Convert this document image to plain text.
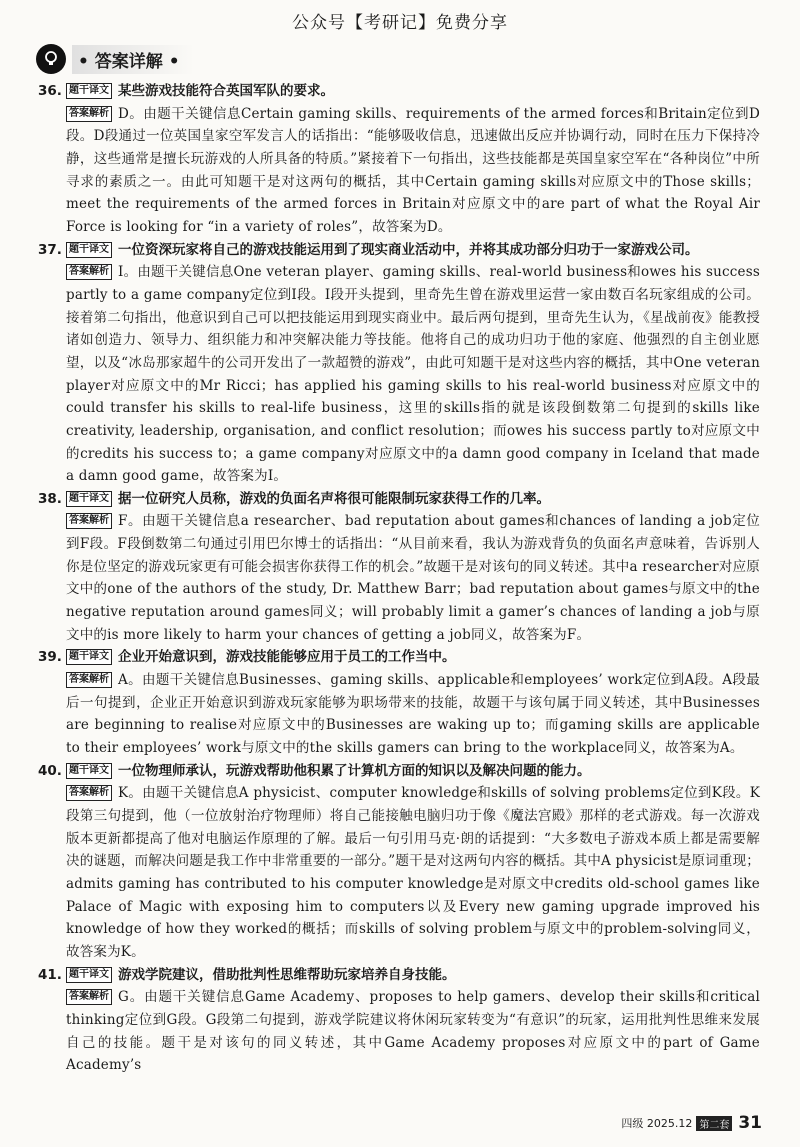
公众号【考研记】免费分享
• 答案详解 •
36. 题干译文 某些游戏技能符合英国军队的要求。
答案解析 D。由题干关键信息Certain gaming skills、requirements of the armed forces和Britain定位到D段。D段通过一位英国皇家空军发言人的话指出：“能够吸收信息，迅速做出反应并协调行动，同时在压力下保持冷静，这些通常是擅长玩游戏的人所具备的特质。”紧接着下一句指出，这些技能都是英国皇家空军在“各种岗位”中所寻求的素质之一。由此可知题干是对这两句的概括，其中Certain gaming skills对应原文中的Those skills；meet the requirements of the armed forces in Britain对应原文中的are part of what the Royal Air Force is looking for “in a variety of roles”，故答案为D。
37. 题干译文 一位资深玩家将自己的游戏技能运用到了现实商业活动中，并将其成功部分归功于一家游戏公司。
答案解析 I。由题干关键信息One veteran player、gaming skills、real-world business和owes his success partly to a game company定位到I段。I段开头提到，里奇先生曾在游戏里运营一家由数百名玩家组成的公司。接着第二句指出，他意识到自己可以把技能运用到现实商业中。最后两句提到，里奇先生认为，《星战前夜》能教授诸如创造力、领导力、组织能力和冲突解决能力等技能。他将自己的成功归功于他的家庭、他强烈的自主创业愿望，以及“冰岛那家超牛的公司开发出了一款超赞的游戏”，由此可知题干是对这些内容的概括，其中One veteran player对应原文中的Mr Ricci；has applied his gaming skills to his real-world business对应原文中的could transfer his skills to real-life business，这里的skills指的就是该段倒数第二句提到的skills like creativity, leadership, organisation, and conflict resolution；而owes his success partly to对应原文中的credits his success to；a game company对应原文中的a damn good company in Iceland that made a damn good game，故答案为I。
38. 题干译文 据一位研究人员称，游戏的负面名声将很可能限制玩家获得工作的几率。
答案解析 F。由题干关键信息a researcher、bad reputation about games和chances of landing a job定位到F段。F段倒数第二句通过引用巴尔博士的话指出：“从目前来看，我认为游戏背负的负面名声意味着，告诉别人你是位坚定的游戏玩家更有可能会损害你获得工作的机会。”故题干是对该句的同义转述。其中a researcher对应原文中的one of the authors of the study, Dr. Matthew Barr；bad reputation about games与原文中的the negative reputation around games同义；will probably limit a gamer’s chances of landing a job与原文中的is more likely to harm your chances of getting a job同义，故答案为F。
39. 题干译文 企业开始意识到，游戏技能能够应用于员工的工作当中。
答案解析 A。由题干关键信息Businesses、gaming skills、applicable和employees’ work定位到A段。A段最后一句提到，企业正开始意识到游戏玩家能够为职场带来的技能，故题干与该句属于同义转述，其中Businesses are beginning to realise对应原文中的Businesses are waking up to；而gaming skills are applicable to their employees’ work与原文中的the skills gamers can bring to the workplace同义，故答案为A。
40. 题干译文 一位物理师承认，玩游戏帮助他积累了计算机方面的知识以及解决问题的能力。
答案解析 K。由题干关键信息A physicist、computer knowledge和skills of solving problems定位到K段。K段第三句提到，他（一位放射治疗物理师）将自己能接触电脑归功于像《魔法宫殿》那样的老式游戏。每一次游戏版本更新都提高了他对电脑运作原理的了解。最后一句引用马克·朗的话提到：“大多数电子游戏本质上都是需要解决的谜题，而解决问题是我工作中非常重要的一部分。”题干是对这两句内容的概括。其中A physicist是原词重现；admits gaming has contributed to his computer knowledge是对原文中credits old-school games like Palace of Magic with exposing him to computers以及Every new gaming upgrade improved his knowledge of how they worked的概括；而skills of solving problem与原文中的problem-solving同义，故答案为K。
41. 题干译文 游戏学院建议，借助批判性思维帮助玩家培养自身技能。
答案解析 G。由题干关键信息Game Academy、proposes to help gamers、develop their skills和critical thinking定位到G段。G段第二句提到，游戏学院建议将休闲玩家转变为“有意识”的玩家，运用批判性思维来发展自己的技能。题干是对该句的同义转述，其中Game Academy proposes对应原文中的part of Game Academy’s
四级 2025.12 第二套 31
